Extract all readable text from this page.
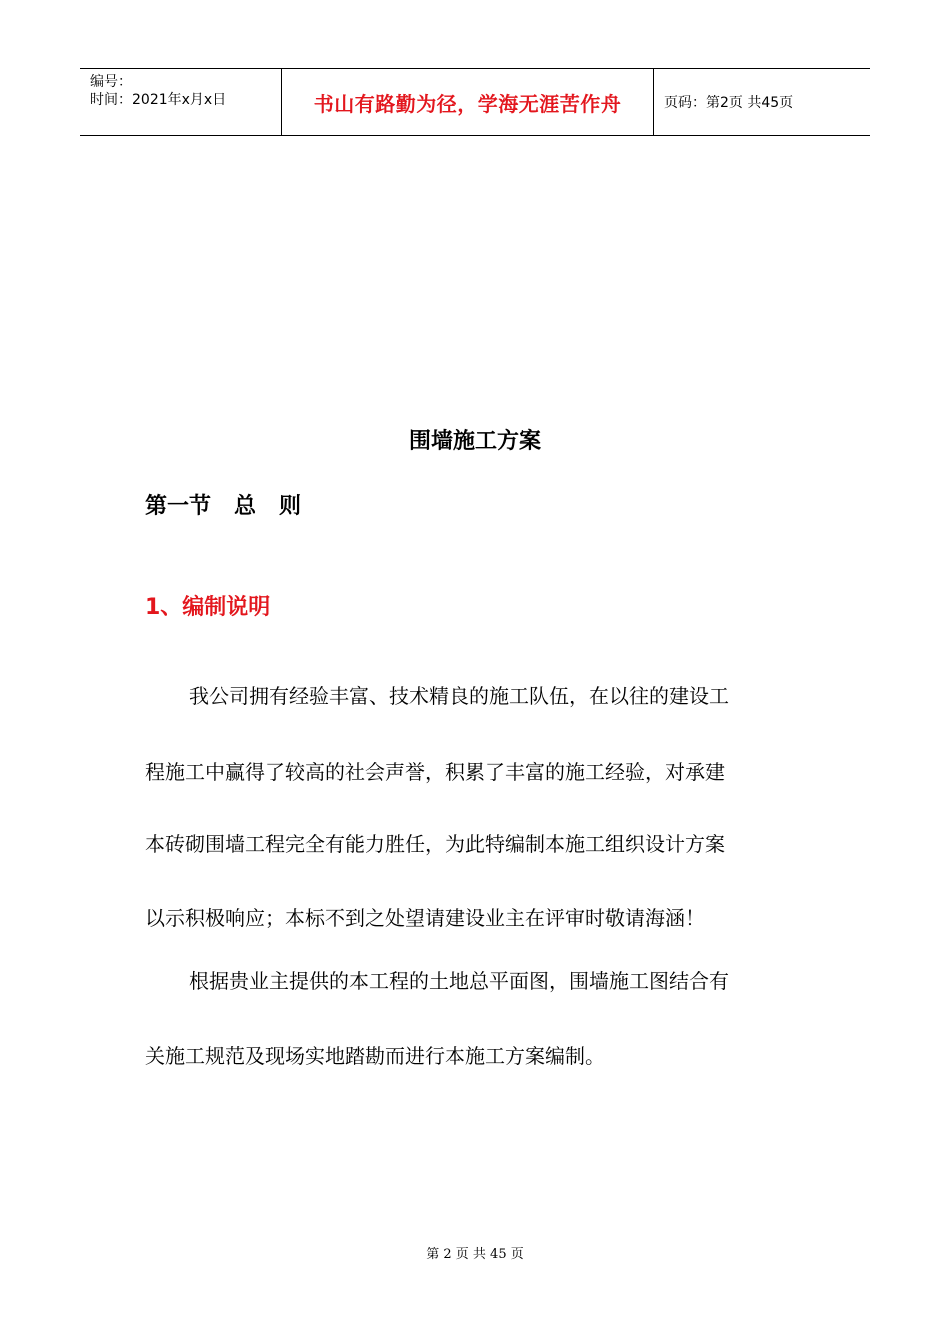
编号：
时间：2021年x月x日	书山有路勤为径，学海无涯苦作舟	页码：第2页 共45页
围墙施工方案
第一节   总   则
1、编制说明
我公司拥有经验丰富、技术精良的施工队伍，在以往的建设工
程施工中赢得了较高的社会声誉，积累了丰富的施工经验，对承建
本砖砌围墙工程完全有能力胜任，为此特编制本施工组织设计方案
以示积极响应；本标不到之处望请建设业主在评审时敬请海涵！
根据贵业主提供的本工程的土地总平面图，围墙施工图结合有
关施工规范及现场实地踏勘而进行本施工方案编制。
第 2 页 共 45 页
